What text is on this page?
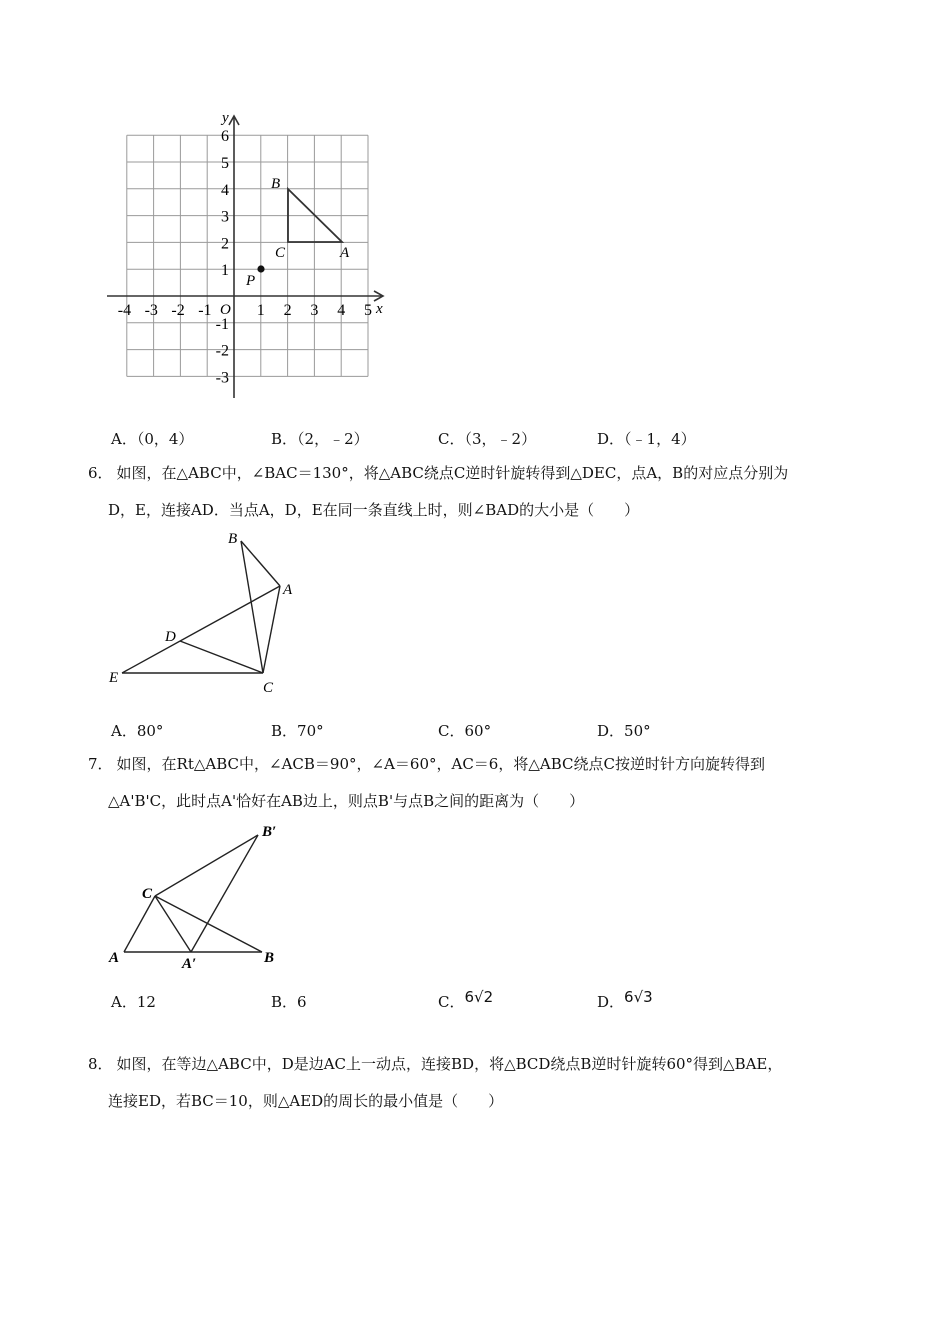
x
y
O
-4 -3 -2 -1	1 2 3 4 5
6
5
4
3
2
1
-1
-2
-3
B
C	A
P
A．（0，4）	B．（2，﹣2）	C．（3，﹣2）	D．（﹣1，4）
6． 如图，在△ABC中，∠BAC＝130°，将△ABC绕点C逆时针旋转得到△DEC，点A，B的对应点分别为
D，E，连接AD．当点A，D，E在同一条直线上时，则∠BAD的大小是（　　）
B
A
D
E
C
A．80°	B．70°	C．60°	D．50°
7． 如图，在Rt△ABC中，∠ACB＝90°，∠A＝60°，AC＝6，将△ABC绕点C按逆时针方向旋转得到
△A'B'C，此时点A'恰好在AB边上，则点B'与点B之间的距离为（　　）
B′
C
A	A′	B
A．12	B．6	C．6√2	D．6√3
8． 如图，在等边△ABC中，D是边AC上一动点，连接BD，将△BCD绕点B逆时针旋转60°得到△BAE，
连接ED，若BC＝10，则△AED的周长的最小值是（　　）
